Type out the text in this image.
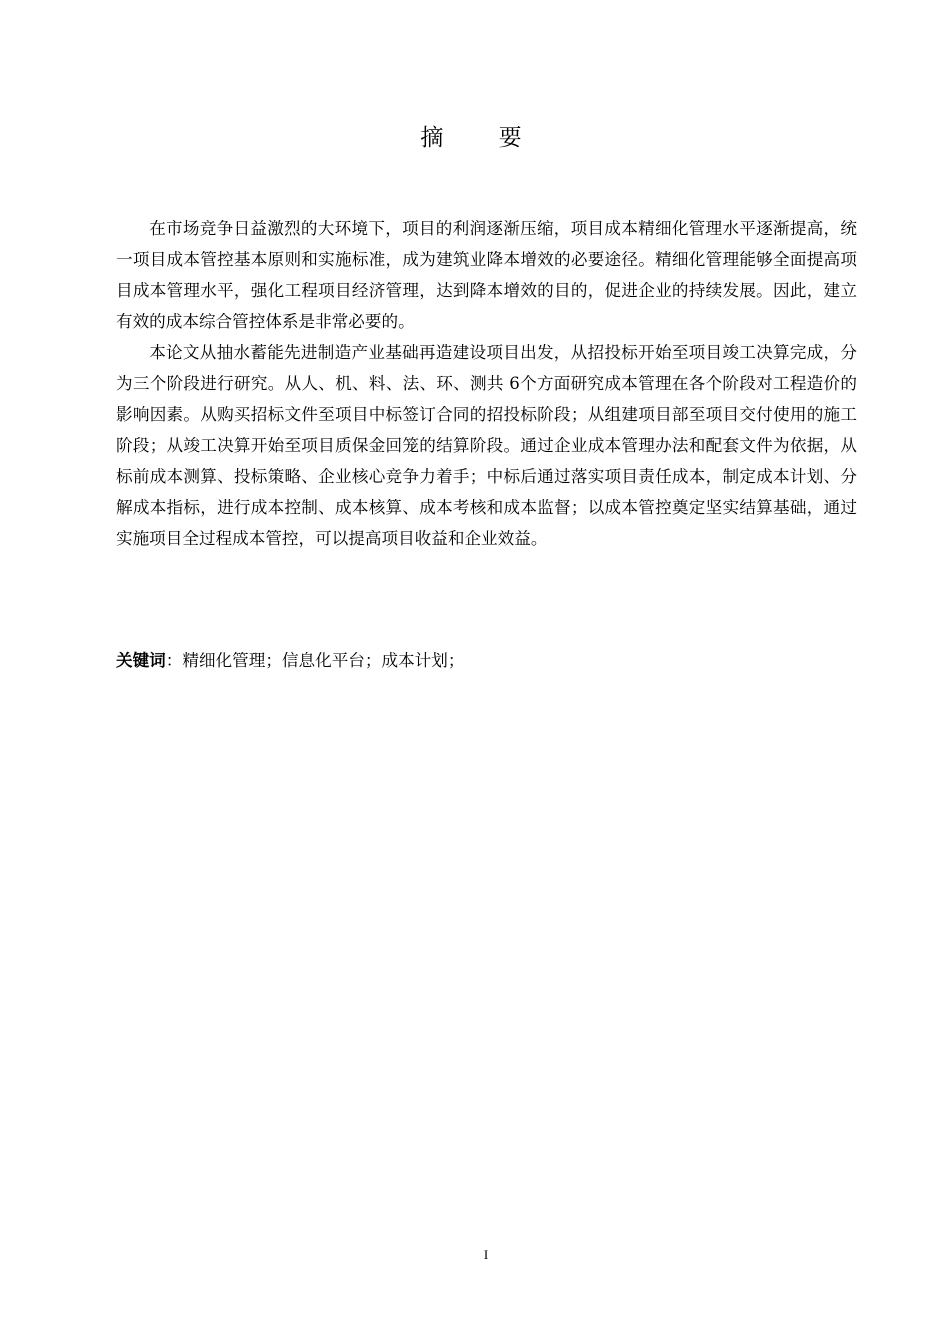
摘 要

在市场竞争日益激烈的大环境下，项目的利润逐渐压缩，项目成本精细化管理水平逐渐提高，统一项目成本管控基本原则和实施标准，成为建筑业降本增效的必要途径。精细化管理能够全面提高项目成本管理水平，强化工程项目经济管理，达到降本增效的目的，促进企业的持续发展。因此，建立有效的成本综合管控体系是非常必要的。

本论文从抽水蓄能先进制造产业基础再造建设项目出发，从招投标开始至项目竣工决算完成，分为三个阶段进行研究。从人、机、料、法、环、测共 6个方面研究成本管理在各个阶段对工程造价的影响因素。从购买招标文件至项目中标签订合同的招投标阶段；从组建项目部至项目交付使用的施工阶段；从竣工决算开始至项目质保金回笼的结算阶段。通过企业成本管理办法和配套文件为依据，从标前成本测算、投标策略、企业核心竞争力着手；中标后通过落实项目责任成本，制定成本计划、分解成本指标，进行成本控制、成本核算、成本考核和成本监督；以成本管控奠定坚实结算基础，通过实施项目全过程成本管控，可以提高项目收益和企业效益。

关键词：精细化管理；信息化平台；成本计划；
I
